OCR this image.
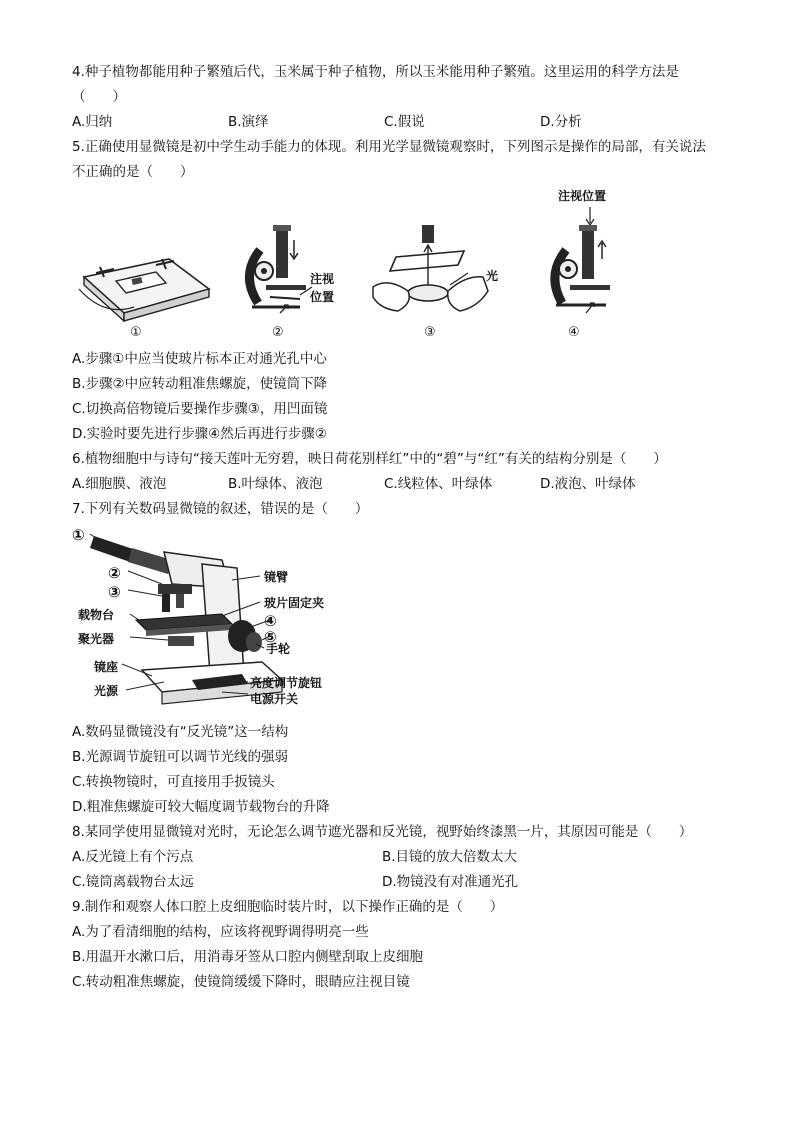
4.种子植物都能用种子繁殖后代，玉米属于种子植物，所以玉米能用种子繁殖。这里运用的科学方法是
（　　）
A.归纳	B.演绎	C.假说	D.分析
5.正确使用显微镜是初中学生动手能力的体现。利用光学显微镜观察时，下列图示是操作的局部，有关说法
不正确的是（　　）
①
注视
位置
②
光
③
注视位置
④
A.步骤①中应当使玻片标本正对通光孔中心
B.步骤②中应转动粗准焦螺旋，使镜筒下降
C.切换高倍物镜后要操作步骤③，用凹面镜
D.实验时要先进行步骤④然后再进行步骤②
6.植物细胞中与诗句“接天莲叶无穷碧，映日荷花别样红”中的“碧”与“红”有关的结构分别是（　　）
A.细胞膜、液泡	B.叶绿体、液泡	C.线粒体、叶绿体	D.液泡、叶绿体
7.下列有关数码显微镜的叙述，错误的是（　　）
①
②
③
载物台
聚光器
镜座
光源
镜臂
玻片固定夹
④
⑤
手轮
亮度调节旋钮
电源开关
A.数码显微镜没有“反光镜”这一结构
B.光源调节旋钮可以调节光线的强弱
C.转换物镜时，可直接用手扳镜头
D.粗准焦螺旋可较大幅度调节载物台的升降
8.某同学使用显微镜对光时，无论怎么调节遮光器和反光镜，视野始终漆黑一片，其原因可能是（　　）
A.反光镜上有个污点	B.目镜的放大倍数太大
C.镜筒离载物台太远	D.物镜没有对准通光孔
9.制作和观察人体口腔上皮细胞临时装片时，以下操作正确的是（　　）
A.为了看清细胞的结构，应该将视野调得明亮一些
B.用温开水漱口后，用消毒牙签从口腔内侧壁刮取上皮细胞
C.转动粗准焦螺旋，使镜筒缓缓下降时，眼睛应注视目镜
